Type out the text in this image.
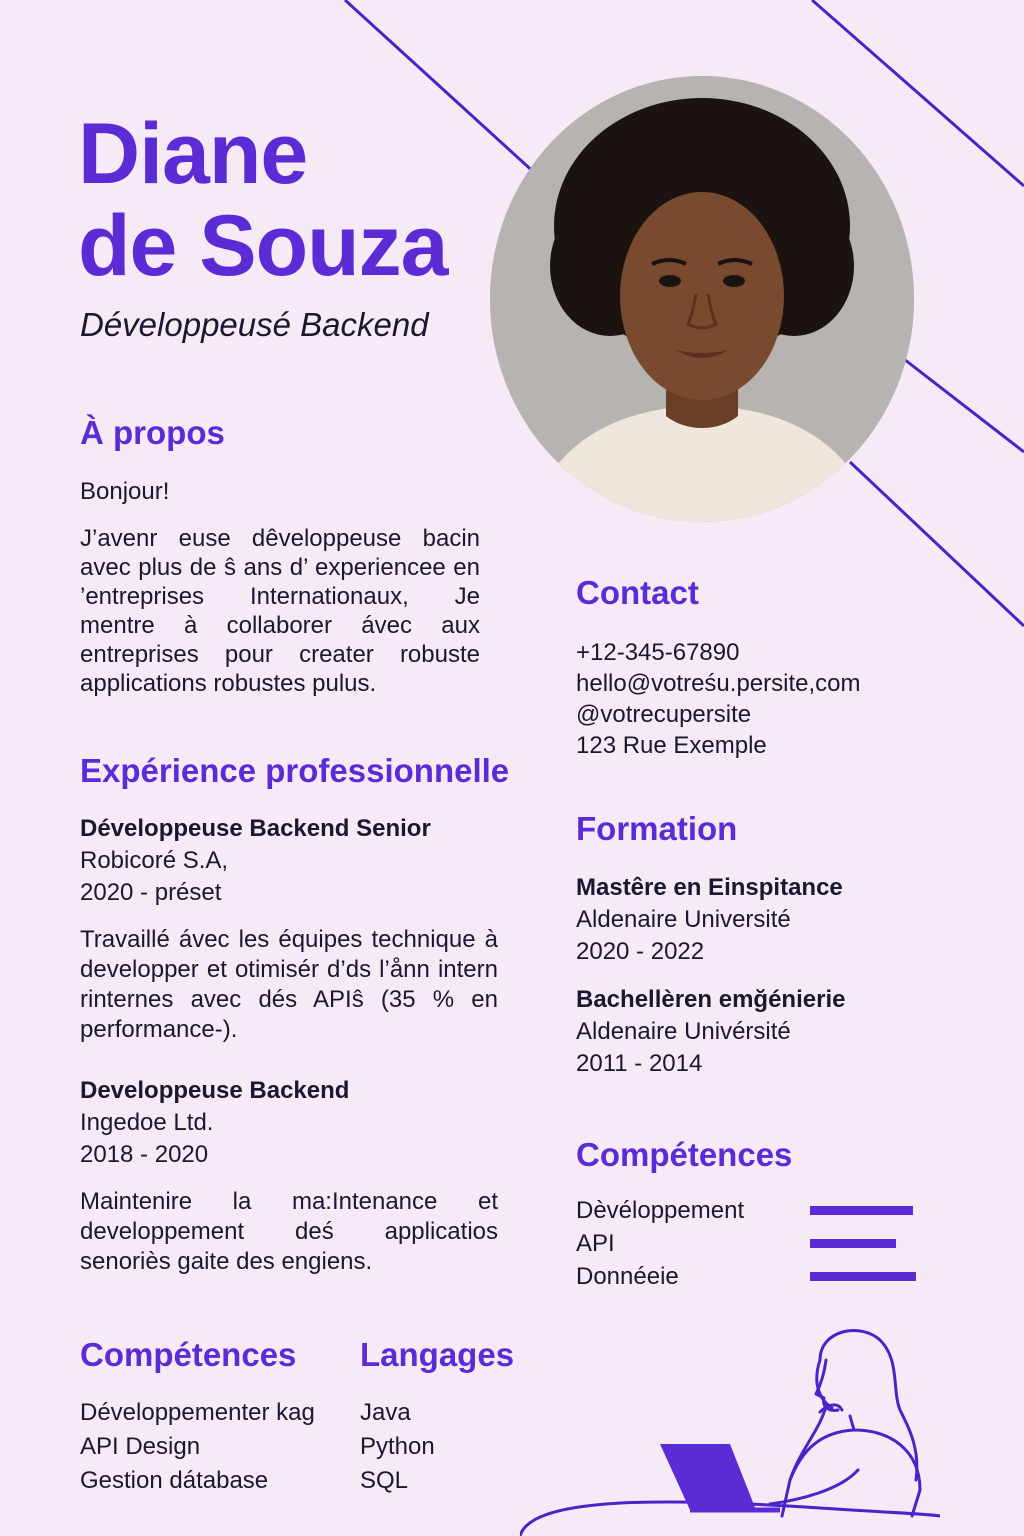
Diane
de Souza
Développeusé Backend
À propos
Bonjour!
J’avenr euse dêveloppeuse bacin avec plus de ŝ ans d’ experiencee en ’entreprises Internationaux, Je mentre à collaborer ávec aux entreprises pour creater robuste applications robustes pulus.
Expérience professionnelle
Développeuse Backend Senior
Robicoré S.A,
2020 - préset
Travaillé ávec les équipes technique à developper et otimisér d’ds l’ånn intern rinternes avec dés APIŝ (35 % en performance-).
Developpeuse Backend
Ingedoe Ltd.
2018 - 2020
Maintenire la ma:Intenance et developpement deś applicatios senoriès gaite des engiens.
Contact
+12-345-67890
hello@votreśu.persite,com
@votrecupersite
123 Rue Exemple
Formation
Mastêre en Einspitance
Aldenaire Université
2020 - 2022
Bachellèren emğénierie
Aldenaire Univérsité
2011 - 2014
Compétences
Dèvéloppement
API
Donnéeie
Compétences
Développementer kag
API Design
Gestion dátabase
Langages
Java
Python
SQL
